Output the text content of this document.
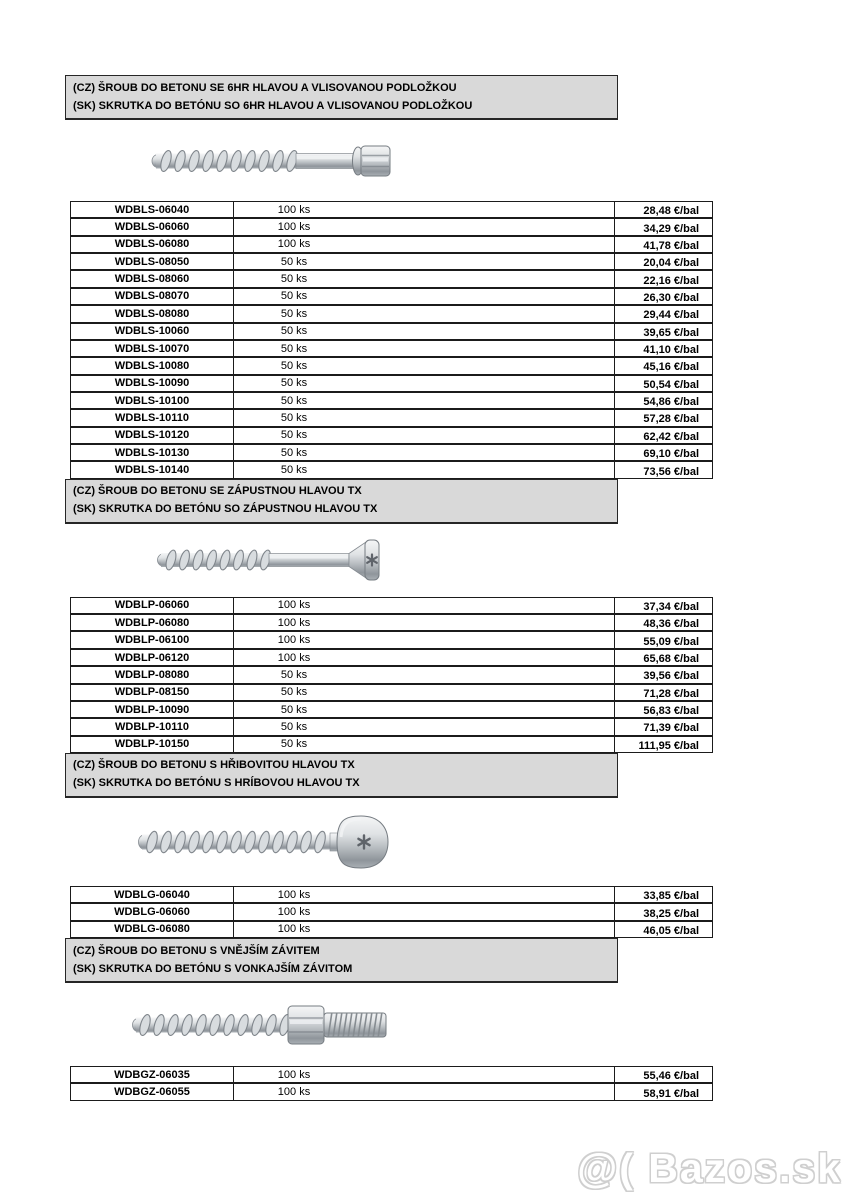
(CZ) ŠROUB DO BETONU SE 6HR HLAVOU A VLISOVANOU PODLOŽKOU
(SK) SKRUTKA DO BETÓNU SO 6HR HLAVOU A VLISOVANOU PODLOŽKOU
WDBLS-06040	100 ks	28,48 €/bal
WDBLS-06060	100 ks	34,29 €/bal
WDBLS-06080	100 ks	41,78 €/bal
WDBLS-08050	50 ks	20,04 €/bal
WDBLS-08060	50 ks	22,16 €/bal
WDBLS-08070	50 ks	26,30 €/bal
WDBLS-08080	50 ks	29,44 €/bal
WDBLS-10060	50 ks	39,65 €/bal
WDBLS-10070	50 ks	41,10 €/bal
WDBLS-10080	50 ks	45,16 €/bal
WDBLS-10090	50 ks	50,54 €/bal
WDBLS-10100	50 ks	54,86 €/bal
WDBLS-10110	50 ks	57,28 €/bal
WDBLS-10120	50 ks	62,42 €/bal
WDBLS-10130	50 ks	69,10 €/bal
WDBLS-10140	50 ks	73,56 €/bal
(CZ) ŠROUB DO BETONU SE ZÁPUSTNOU HLAVOU TX
(SK) SKRUTKA DO BETÓNU SO ZÁPUSTNOU HLAVOU TX
WDBLP-06060	100 ks	37,34 €/bal
WDBLP-06080	100 ks	48,36 €/bal
WDBLP-06100	100 ks	55,09 €/bal
WDBLP-06120	100 ks	65,68 €/bal
WDBLP-08080	50 ks	39,56 €/bal
WDBLP-08150	50 ks	71,28 €/bal
WDBLP-10090	50 ks	56,83 €/bal
WDBLP-10110	50 ks	71,39 €/bal
WDBLP-10150	50 ks	111,95 €/bal
(CZ) ŠROUB DO BETONU S HŘIBOVITOU HLAVOU TX
(SK) SKRUTKA DO BETÓNU S HRÍBOVOU HLAVOU TX
WDBLG-06040	100 ks	33,85 €/bal
WDBLG-06060	100 ks	38,25 €/bal
WDBLG-06080	100 ks	46,05 €/bal
(CZ) ŠROUB DO BETONU S VNĚJŠÍM ZÁVITEM
(SK) SKRUTKA DO BETÓNU S VONKAJŠÍM ZÁVITOM
WDBGZ-06035	100 ks	55,46 €/bal
WDBGZ-06055	100 ks	58,91 €/bal
@( Bazos.sk
